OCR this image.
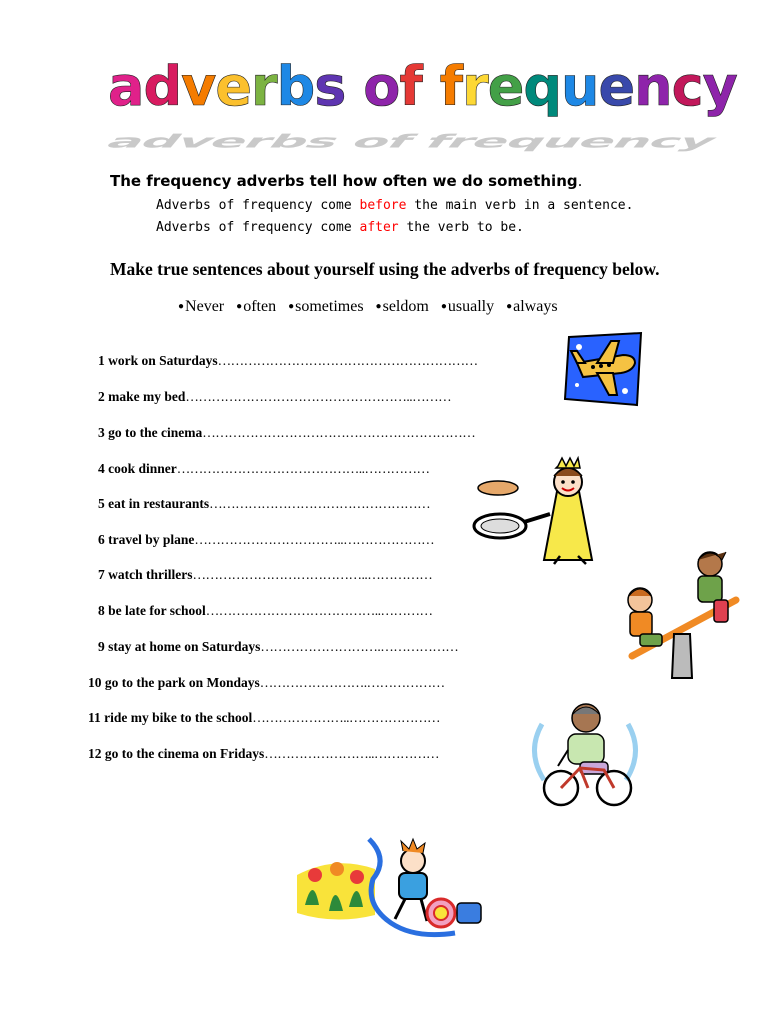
adverbs of frequency
adverbs of frequency
The frequency adverbs tell how often we do something.
Adverbs of frequency come before the main verb in a sentence.
Adverbs of frequency come after the verb to be.
Make true sentences about yourself using the adverbs of frequency below.
●Never ●often ●sometimes ●seldom ●usually ●always
1 work on Saturdays……………………………………………………
2 make my bed……………………………………………..………
3 go to the cinema………………………………………………………
4 cook dinner……………………………………..……………
5 eat in restaurants……………………………………………
6 travel by plane……………………………..…………………
7 watch thrillers…………………………………..……………
8 be late for school…………………………………..…………
9 stay at home on Saturdays……………………….………………
10 go to the park on Mondays…………………….………………
11 ride my bike to the school…………………..…………………
12 go to the cinema on Fridays……………………..……………
